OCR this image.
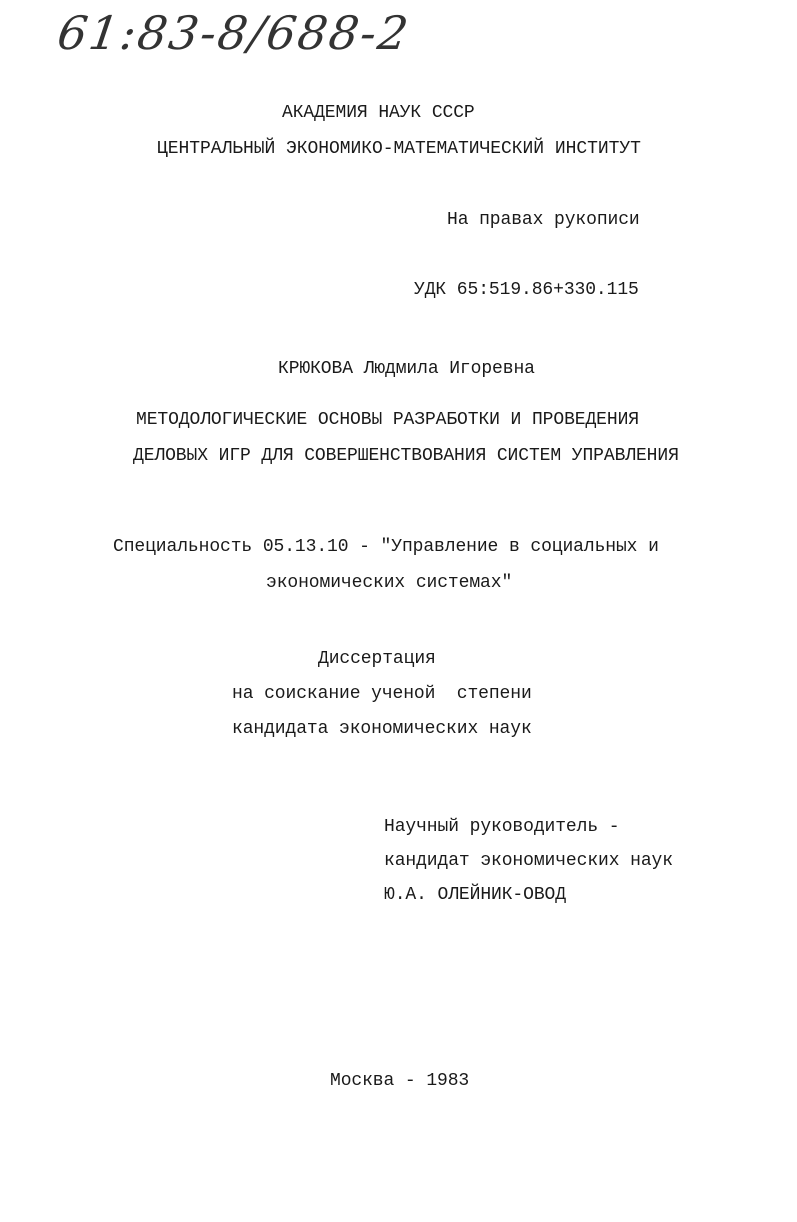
61:83-8/688-2
АКАДЕМИЯ НАУК СССР
ЦЕНТРАЛЬНЫЙ ЭКОНОМИКО-МАТЕМАТИЧЕСКИЙ ИНСТИТУТ
На правах рукописи
УДК 65:519.86+330.115
КРЮКОВА Людмила Игоревна
МЕТОДОЛОГИЧЕСКИЕ ОСНОВЫ РАЗРАБОТКИ И ПРОВЕДЕНИЯ
ДЕЛОВЫХ ИГР ДЛЯ СОВЕРШЕНСТВОВАНИЯ СИСТЕМ УПРАВЛЕНИЯ
Специальность 05.13.10 - "Управление в социальных и
экономических системах"
Диссертация
на соискание ученой  степени
кандидата экономических наук
Научный руководитель -
кандидат экономических наук
Ю.А. ОЛЕЙНИК-ОВОД
Москва - 1983
